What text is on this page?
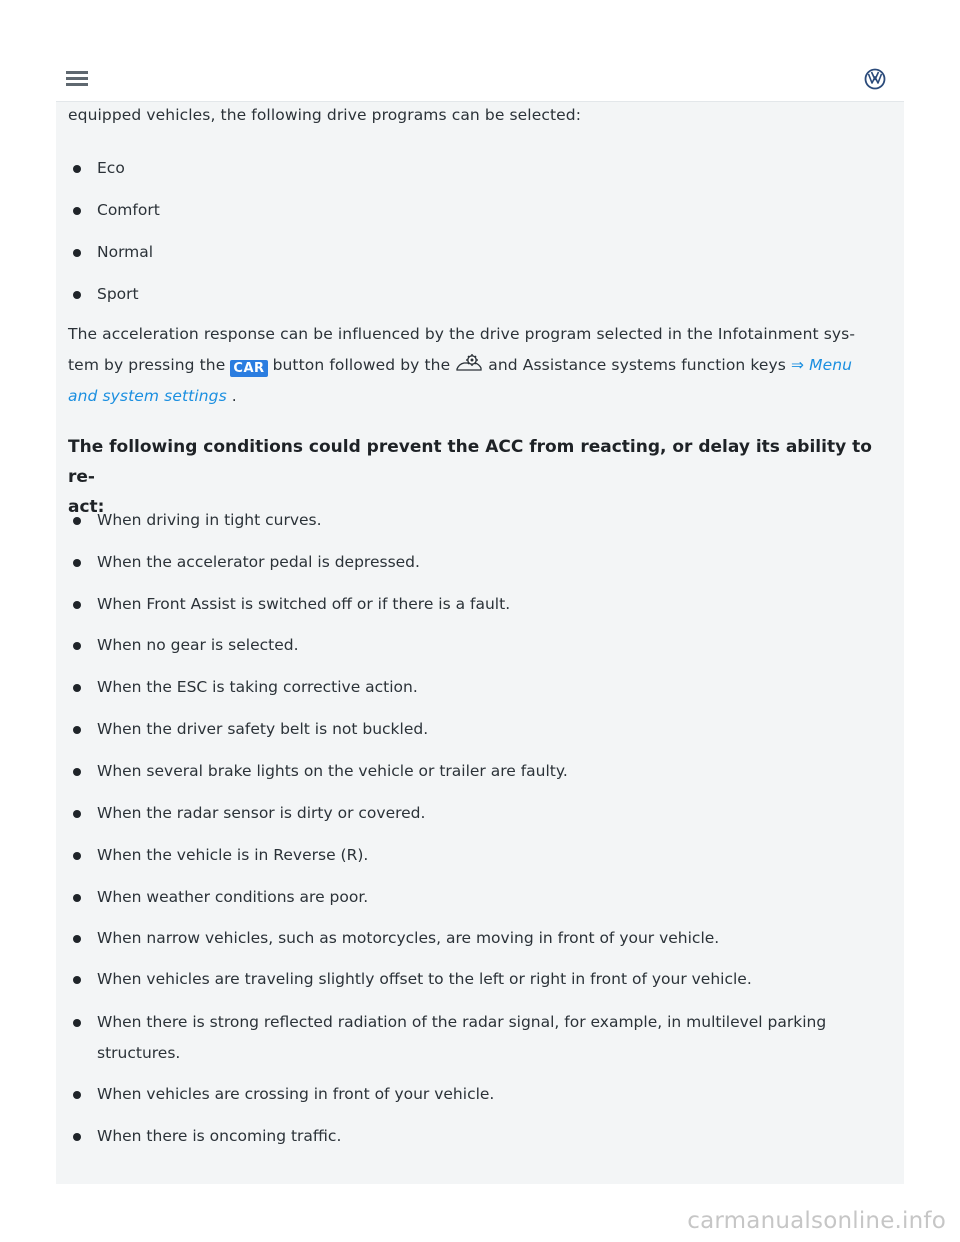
equipped vehicles, the following drive programs can be selected:
Eco
Comfort
Normal
Sport
The acceleration response can be influenced by the drive program selected in the Infotainment sys-
tem by pressing the CAR button followed by the and Assistance systems function keys ⇒ Menu
and system settings .
The following conditions could prevent the ACC from reacting, or delay its ability to re-
act:
When driving in tight curves.
When the accelerator pedal is depressed.
When Front Assist is switched off or if there is a fault.
When no gear is selected.
When the ESC is taking corrective action.
When the driver safety belt is not buckled.
When several brake lights on the vehicle or trailer are faulty.
When the radar sensor is dirty or covered.
When the vehicle is in Reverse (R).
When weather conditions are poor.
When narrow vehicles, such as motorcycles, are moving in front of your vehicle.
When vehicles are traveling slightly offset to the left or right in front of your vehicle.
When there is strong reflected radiation of the radar signal, for example, in multilevel parking
structures.
When vehicles are crossing in front of your vehicle.
When there is oncoming traffic.
carmanualsonline.info
